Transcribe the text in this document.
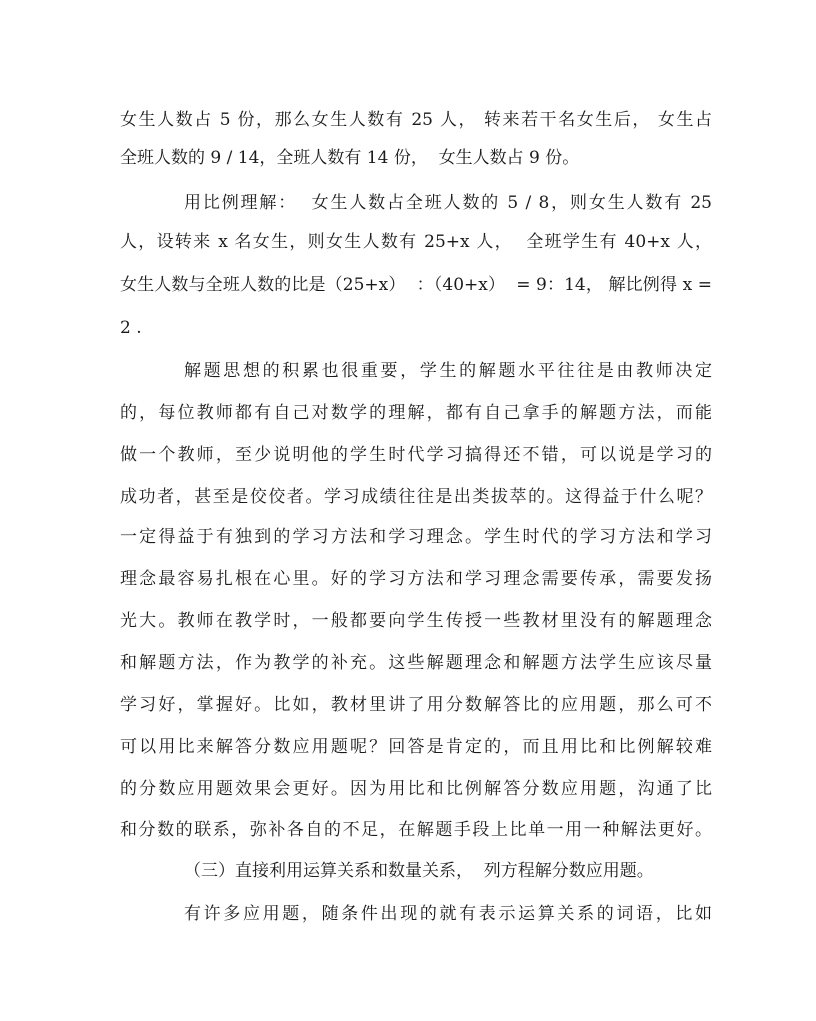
女生人数占 5 份，那么女生人数有 25 人， 转来若干名女生后， 女生占
全班人数的 9 / 14，全班人数有 14 份，  女生人数占 9 份。
用比例理解：  女生人数占全班人数的 5 / 8，则女生人数有 25
人，设转来 x 名女生，则女生人数有 25+x 人，  全班学生有 40+x 人，
女生人数与全班人数的比是（25+x）  ：（40+x）  = 9：14， 解比例得 x =
2 .
解题思想的积累也很重要，学生的解题水平往往是由教师决定
的，每位教师都有自己对数学的理解，都有自己拿手的解题方法，而能
做一个教师，至少说明他的学生时代学习搞得还不错，可以说是学习的
成功者，甚至是佼佼者。学习成绩往往是出类拔萃的。这得益于什么呢？
一定得益于有独到的学习方法和学习理念。学生时代的学习方法和学习
理念最容易扎根在心里。好的学习方法和学习理念需要传承，需要发扬
光大。教师在教学时，一般都要向学生传授一些教材里没有的解题理念
和解题方法，作为教学的补充。这些解题理念和解题方法学生应该尽量
学习好，掌握好。比如，教材里讲了用分数解答比的应用题，那么可不
可以用比来解答分数应用题呢？回答是肯定的，而且用比和比例解较难
的分数应用题效果会更好。因为用比和比例解答分数应用题，沟通了比
和分数的联系，弥补各自的不足，在解题手段上比单一用一种解法更好。
（三）直接利用运算关系和数量关系，  列方程解分数应用题。
有许多应用题，随条件出现的就有表示运算关系的词语，比如
